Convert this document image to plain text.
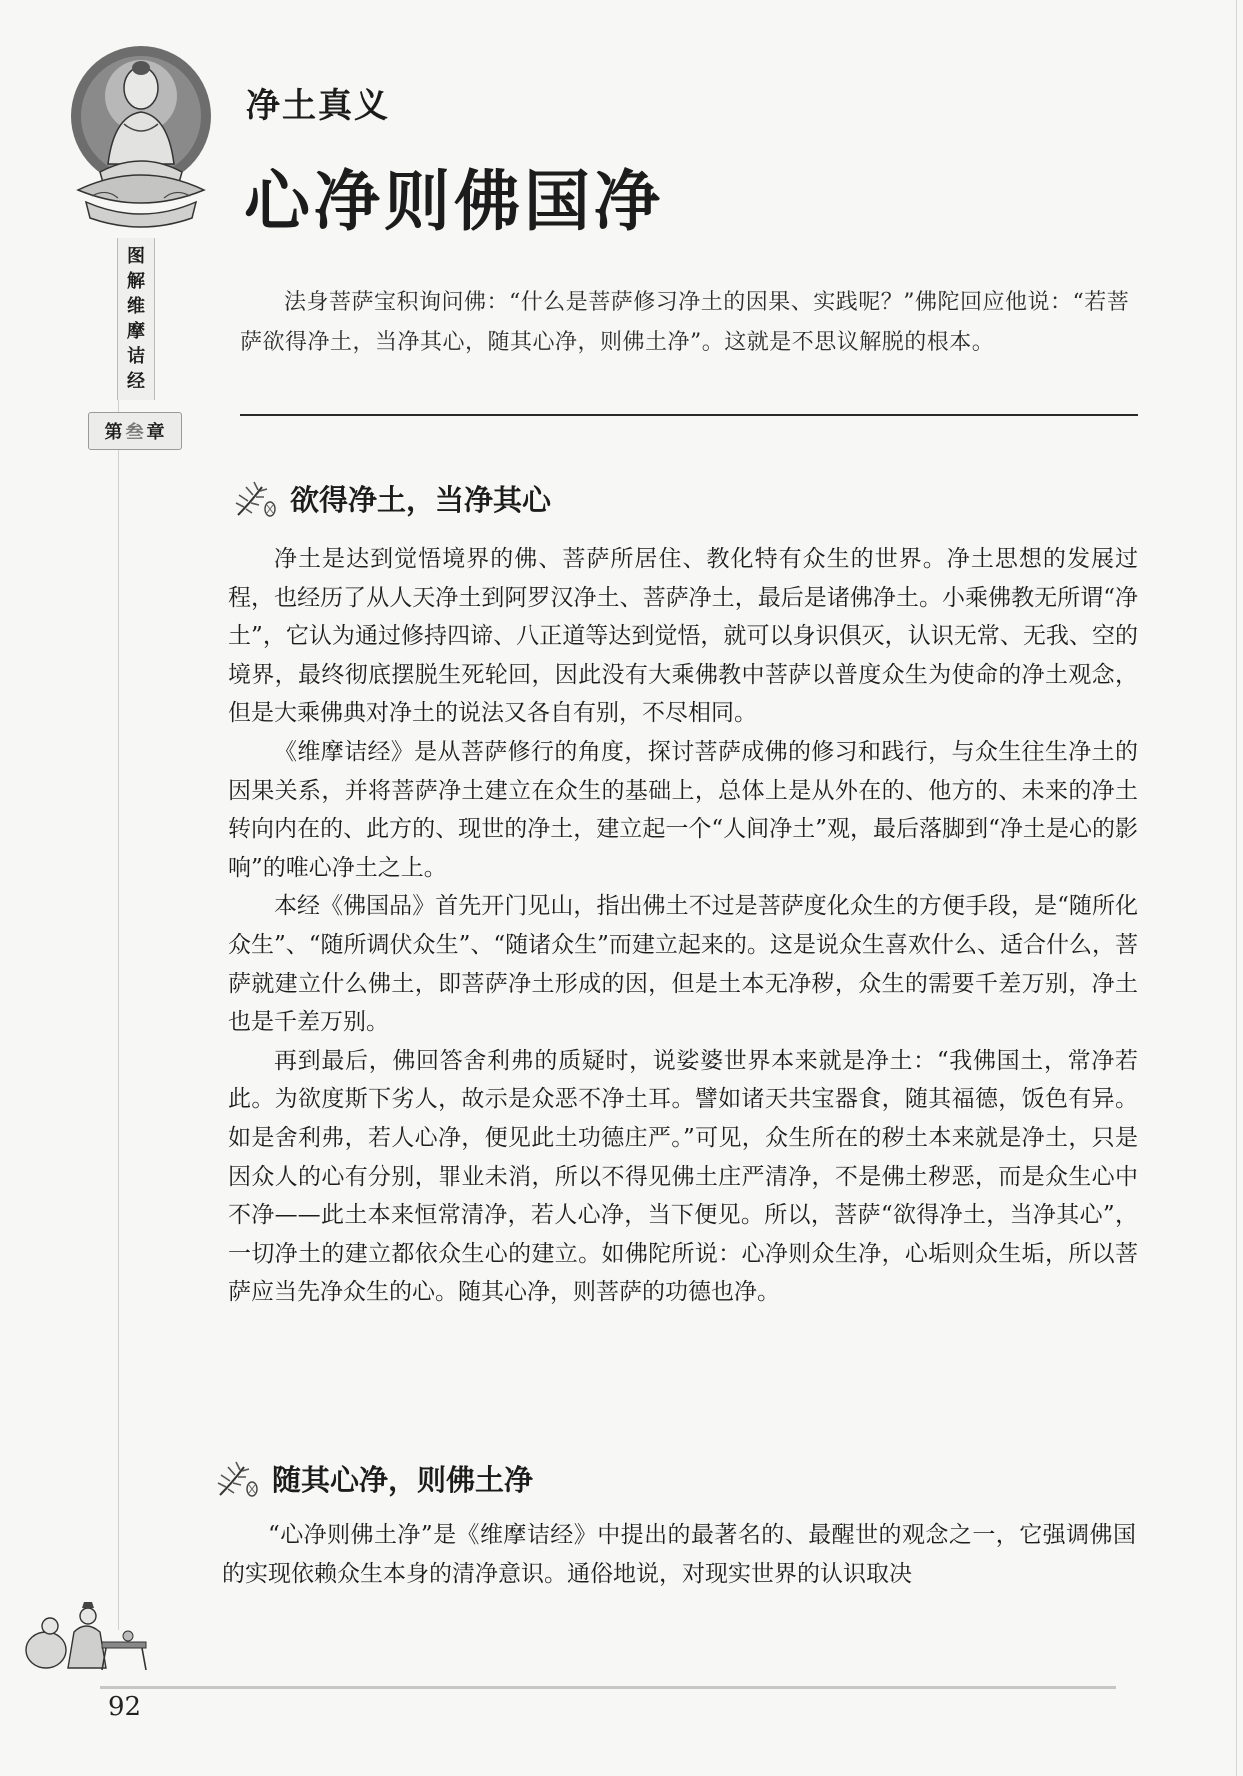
图
解
维
摩
诘
经
第 叁 章
净土真义
心净则佛国净
法身菩萨宝积询问佛：“什么是菩萨修习净土的因果、实践呢？”佛陀回应他说：“若菩萨欲得净土，当净其心，随其心净，则佛土净”。这就是不思议解脱的根本。
欲得净土，当净其心

净土是达到觉悟境界的佛、菩萨所居住、教化特有众生的世界。净土思想的发展过程，也经历了从人天净土到阿罗汉净土、菩萨净土，最后是诸佛净土。小乘佛教无所谓“净土”，它认为通过修持四谛、八正道等达到觉悟，就可以身识俱灭，认识无常、无我、空的境界，最终彻底摆脱生死轮回，因此没有大乘佛教中菩萨以普度众生为使命的净土观念，但是大乘佛典对净土的说法又各自有别，不尽相同。

《维摩诘经》是从菩萨修行的角度，探讨菩萨成佛的修习和践行，与众生往生净土的因果关系，并将菩萨净土建立在众生的基础上，总体上是从外在的、他方的、未来的净土转向内在的、此方的、现世的净土，建立起一个“人间净土”观，最后落脚到“净土是心的影响”的唯心净土之上。

本经《佛国品》首先开门见山，指出佛土不过是菩萨度化众生的方便手段，是“随所化众生”、“随所调伏众生”、“随诸众生”而建立起来的。这是说众生喜欢什么、适合什么，菩萨就建立什么佛土，即菩萨净土形成的因，但是土本无净秽，众生的需要千差万别，净土也是千差万别。

再到最后，佛回答舍利弗的质疑时，说娑婆世界本来就是净土：“我佛国土，常净若此。为欲度斯下劣人，故示是众恶不净土耳。譬如诸天共宝器食，随其福德，饭色有异。如是舍利弗，若人心净，便见此土功德庄严。”可见，众生所在的秽土本来就是净土，只是因众人的心有分别，罪业未消，所以不得见佛土庄严清净，不是佛土秽恶，而是众生心中不净——此土本来恒常清净，若人心净，当下便见。所以，菩萨“欲得净土，当净其心”，一切净土的建立都依众生心的建立。如佛陀所说：心净则众生净，心垢则众生垢，所以菩萨应当先净众生的心。随其心净，则菩萨的功德也净。

随其心净，则佛土净

“心净则佛土净”是《维摩诘经》中提出的最著名的、最醒世的观念之一，它强调佛国的实现依赖众生本身的清净意识。通俗地说，对现实世界的认识取决

92
